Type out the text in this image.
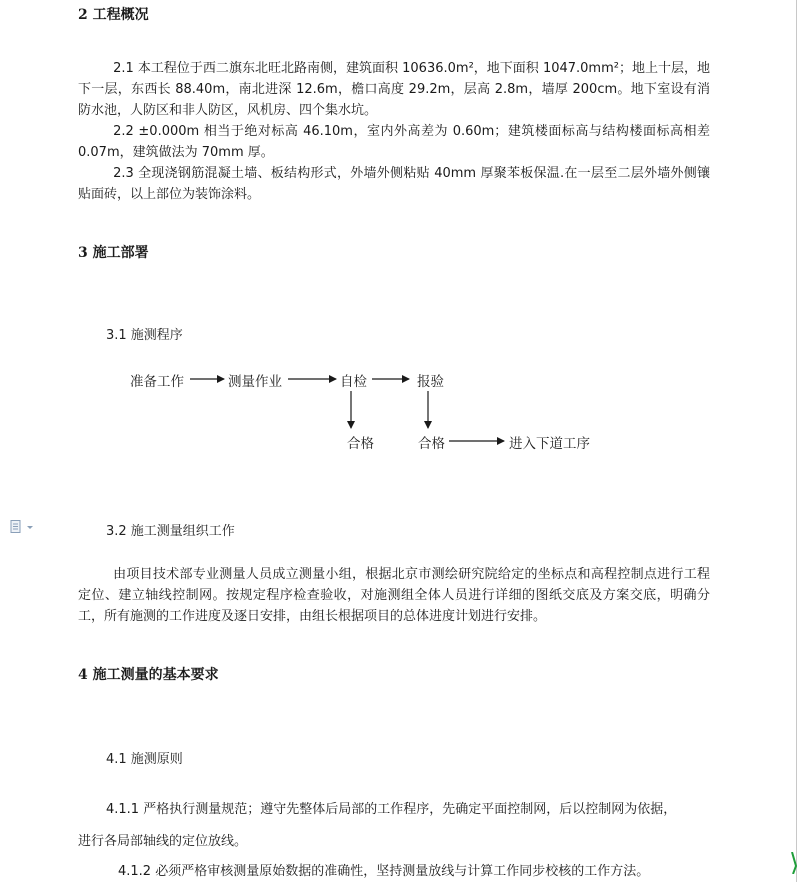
2 工程概况

2.1 本工程位于西二旗东北旺北路南侧，建筑面积 10636.0m²，地下面积 1047.0mm²；地上十层，地下一层，东西长 88.40m，南北进深 12.6m，檐口高度 29.2m，层高 2.8m，墙厚 200cm。地下室设有消防水池，人防区和非人防区，风机房、四个集水坑。

2.2 ±0.000m 相当于绝对标高 46.10m，室内外高差为 0.60m；建筑楼面标高与结构楼面标高相差 0.07m，建筑做法为 70mm 厚。

2.3 全现浇钢筋混凝土墙、板结构形式，外墙外侧粘贴 40mm 厚聚苯板保温.在一层至二层外墙外侧镶贴面砖，以上部位为装饰涂料。

3 施工部署
3.1 施测程序
准备工作	测量作业	自检	报验
合格	合格	进入下道工序
3.2 施工测量组织工作

由项目技术部专业测量人员成立测量小组，根据北京市测绘研究院给定的坐标点和高程控制点进行工程定位、建立轴线控制网。按规定程序检查验收，对施测组全体人员进行详细的图纸交底及方案交底，明确分工，所有施测的工作进度及逐日安排，由组长根据项目的总体进度计划进行安排。

4 施工测量的基本要求
4.1 施测原则
4.1.1 严格执行测量规范；遵守先整体后局部的工作程序，先确定平面控制网，后以控制网为依据，
进行各局部轴线的定位放线。
4.1.2 必须严格审核测量原始数据的准确性，坚持测量放线与计算工作同步校核的工作方法。
